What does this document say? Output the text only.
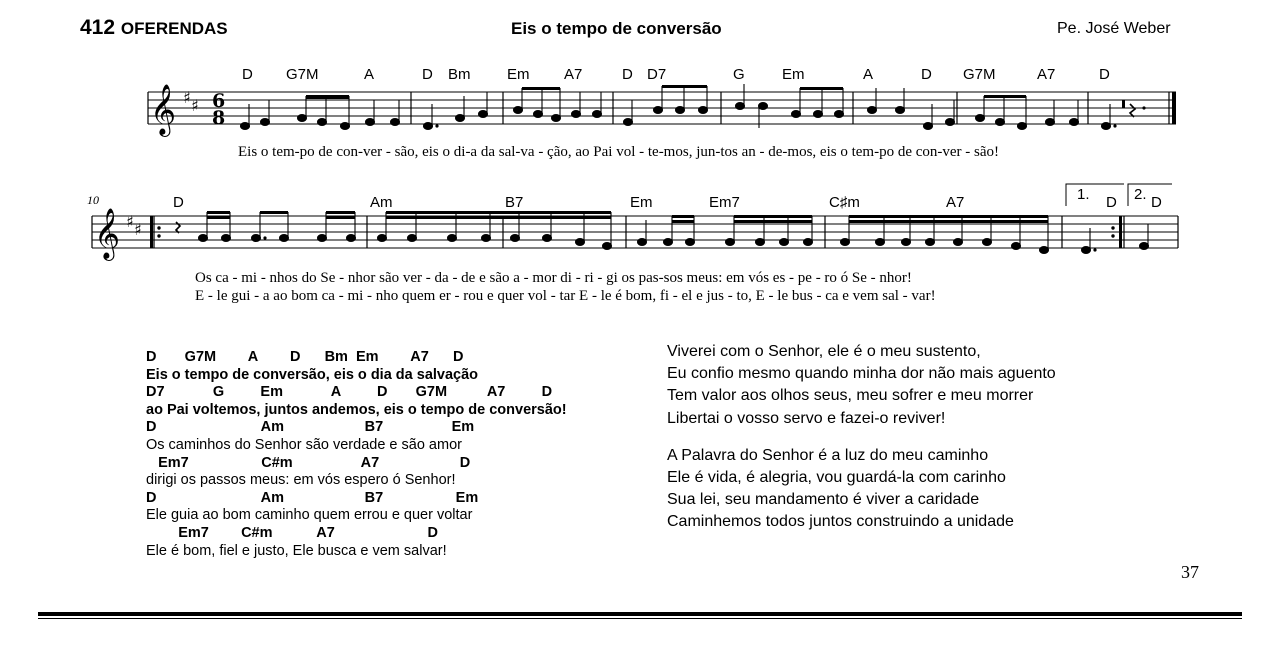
412 OFERENDAS	Eis o tempo de conversão	Pe. José Weber
𝄞 ♯ ♯ 6
8
D G7M	A	D Bm Em A7	D D7	G Em	A	D G7M	A7	D
Eis o tem-po de con-ver - são, eis o di-a da sal-va - ção, ao Pai vol - te-mos, jun-tos an - de-mos, eis o tem-po de con-ver - são!
10
𝄞 ♯ ♯
1.	2.
D	Am	B7	Em	Em7	C♯m	A7	D D
Os ca - mi - nhos do Se - nhor são ver - da - de e são a - mor di - ri - gi os pas-sos meus: em vós es - pe - ro ó Se - nhor!
E - le gui - a ao bom ca - mi - nho quem er - rou e quer vol - tar E - le é bom, fi - el e jus - to, E - le bus - ca e vem sal - var!
D       G7M        A        D      Bm  Em        A7      D
Eis o tempo de conversão, eis o dia da salvação
D7            G         Em            A         D       G7M          A7         D
ao Pai voltemos, juntos andemos, eis o tempo de conversão!
D                          Am                    B7                 Em
Os caminhos do Senhor são verdade e são amor
Em7                  C#m                 A7                    D
dirigi os passos meus: em vós espero ó Senhor!
D                          Am                    B7                  Em
Ele guia ao bom caminho quem errou e quer voltar
Em7        C#m           A7                       D
Ele é bom, fiel e justo, Ele busca e vem salvar!
Viverei com o Senhor, ele é o meu sustento,
Eu confio mesmo quando minha dor não mais aguento
Tem valor aos olhos seus, meu sofrer e meu morrer
Libertai o vosso servo e fazei-o reviver!
A Palavra do Senhor é a luz do meu caminho
Ele é vida, é alegria, vou guardá-la com carinho
Sua lei, seu mandamento é viver a caridade
Caminhemos todos juntos construindo a unidade
37
